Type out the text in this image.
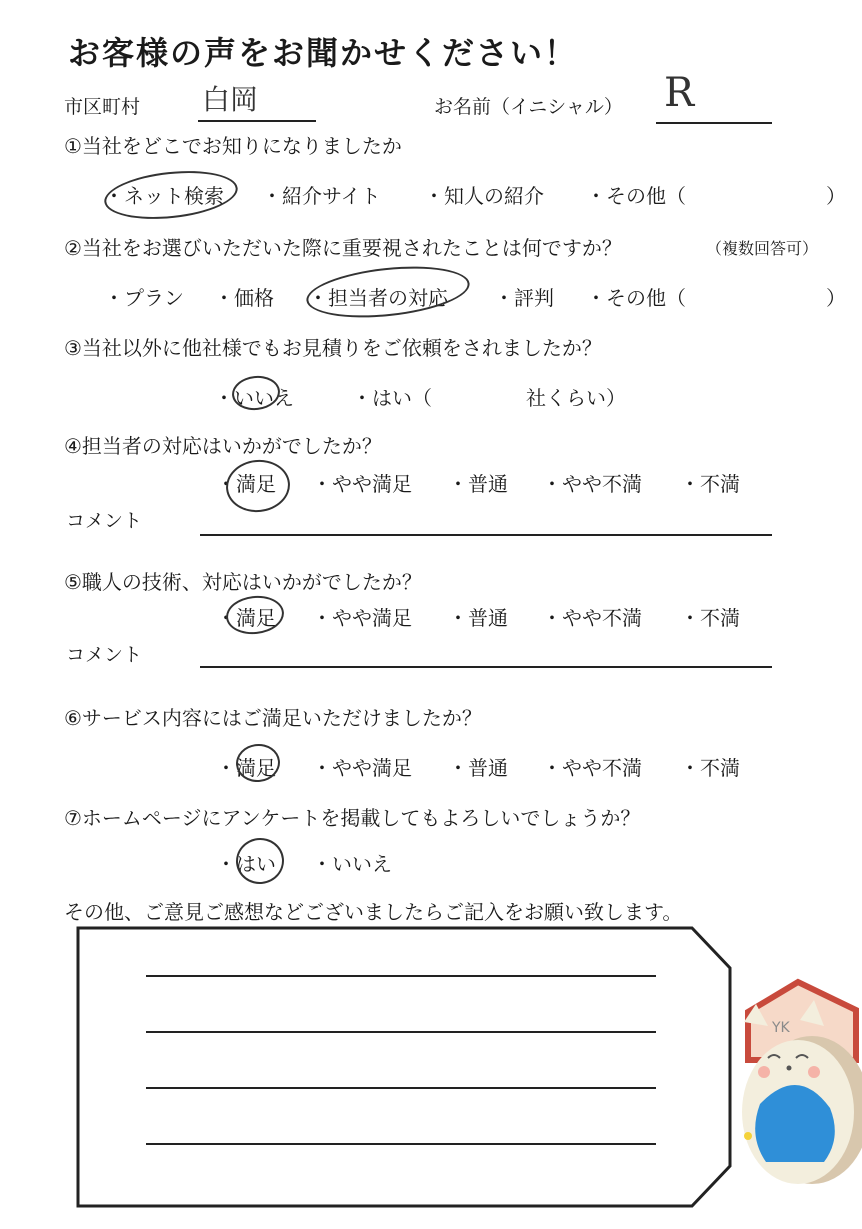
お客様の声をお聞かせください！
市区町村 白岡	お名前（イニシャル） R
①当社をどこでお知りになりましたか
・ネット検索 ・紹介サイト ・知人の紹介 ・その他（	）
②当社をお選びいただいた際に重要視されたことは何ですか？	（複数回答可）
・プラン ・価格 ・担当者の対応 ・評判 ・その他（	）
③当社以外に他社様でもお見積りをご依頼をされましたか？
・いいえ	・はい（	社くらい）
④担当者の対応はいかがでしたか？
・満足 ・やや満足 ・普通 ・やや不満 ・不満
コメント
⑤職人の技術、対応はいかがでしたか？
・満足 ・やや満足 ・普通 ・やや不満 ・不満
コメント
⑥サービス内容にはご満足いただけましたか？
・満足 ・やや満足 ・普通 ・やや不満 ・不満
⑦ホームページにアンケートを掲載してもよろしいでしょうか？
・はい ・いいえ
その他、ご意見ご感想などございましたらご記入をお願い致します。
YK
